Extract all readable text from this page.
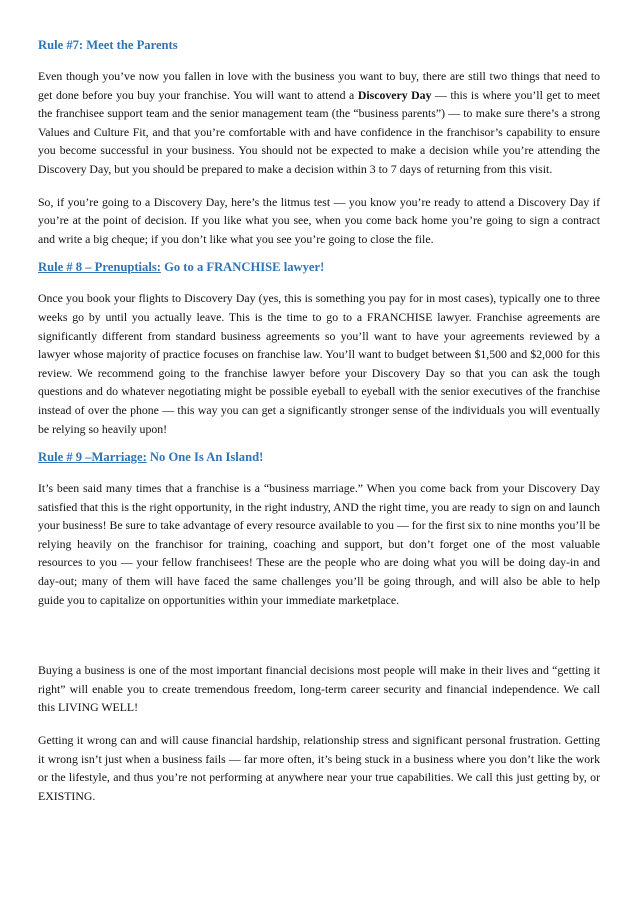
Rule #7: Meet the Parents

Even though you’ve now you fallen in love with the business you want to buy, there are still two things that need to get done before you buy your franchise. You will want to attend a Discovery Day — this is where you’ll get to meet the franchisee support team and the senior management team (the “business parents”) — to make sure there’s a strong Values and Culture Fit, and that you’re comfortable with and have confidence in the franchisor’s capability to ensure you become successful in your business. You should not be expected to make a decision while you’re attending the Discovery Day, but you should be prepared to make a decision within 3 to 7 days of returning from this visit.

So, if you’re going to a Discovery Day, here’s the litmus test — you know you’re ready to attend a Discovery Day if you’re at the point of decision. If you like what you see, when you come back home you’re going to sign a contract and write a big cheque; if you don’t like what you see you’re going to close the file.

Rule # 8 – Prenuptials: Go to a FRANCHISE lawyer!

Once you book your flights to Discovery Day (yes, this is something you pay for in most cases), typically one to three weeks go by until you actually leave. This is the time to go to a FRANCHISE lawyer. Franchise agreements are significantly different from standard business agreements so you’ll want to have your agreements reviewed by a lawyer whose majority of practice focuses on franchise law. You’ll want to budget between $1,500 and $2,000 for this review. We recommend going to the franchise lawyer before your Discovery Day so that you can ask the tough questions and do whatever negotiating might be possible eyeball to eyeball with the senior executives of the franchise instead of over the phone — this way you can get a significantly stronger sense of the individuals you will eventually be relying so heavily upon!

Rule # 9 –Marriage: No One Is An Island!

It’s been said many times that a franchise is a “business marriage.” When you come back from your Discovery Day satisfied that this is the right opportunity, in the right industry, AND the right time, you are ready to sign on and launch your business! Be sure to take advantage of every resource available to you — for the first six to nine months you’ll be relying heavily on the franchisor for training, coaching and support, but don’t forget one of the most valuable resources to you — your fellow franchisees! These are the people who are doing what you will be doing day-in and day-out; many of them will have faced the same challenges you’ll be going through, and will also be able to help guide you to capitalize on opportunities within your immediate marketplace.

Buying a business is one of the most important financial decisions most people will make in their lives and “getting it right” will enable you to create tremendous freedom, long-term career security and financial independence. We call this LIVING WELL!

Getting it wrong can and will cause financial hardship, relationship stress and significant personal frustration. Getting it wrong isn’t just when a business fails — far more often, it’s being stuck in a business where you don’t like the work or the lifestyle, and thus you’re not performing at anywhere near your true capabilities. We call this just getting by, or EXISTING.
